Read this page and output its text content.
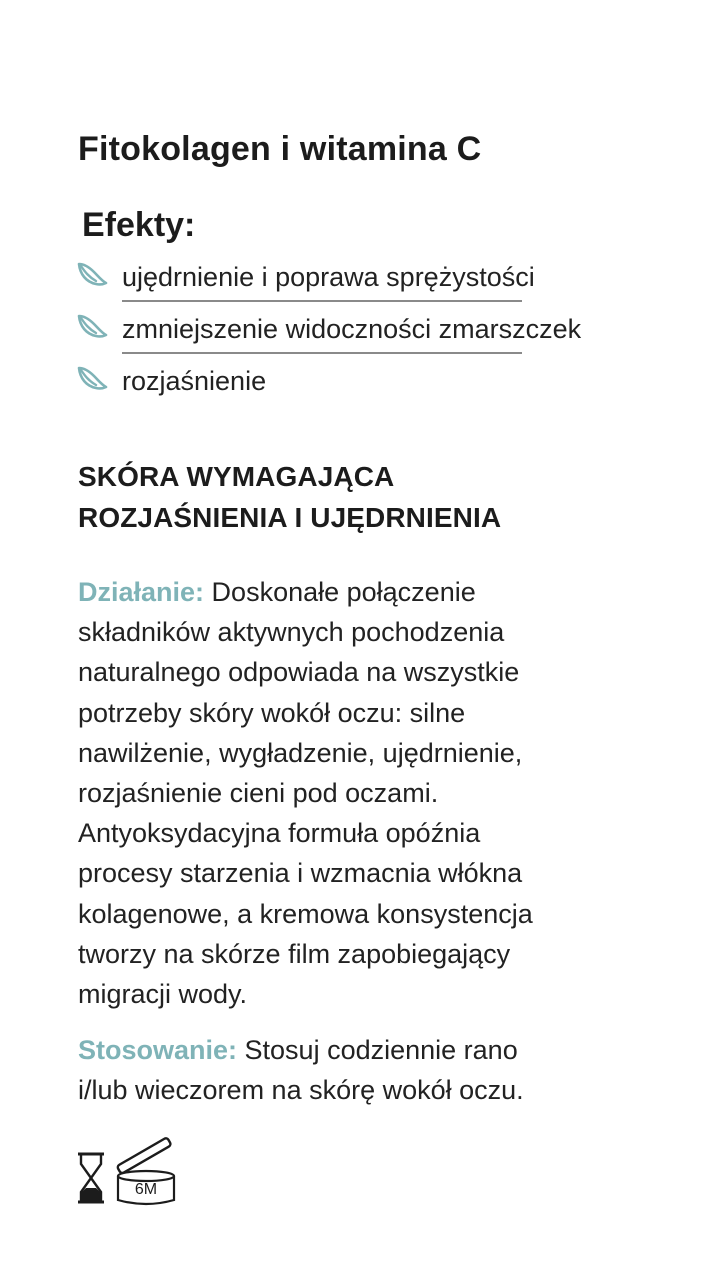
Fitokolagen i witamina C
Efekty:
ujędrnienie i poprawa sprężystości
zmniejszenie widoczności zmarszczek
rozjaśnienie
SKÓRA WYMAGAJĄCA
ROZJAŚNIENIA I UJĘDRNIENIA
Działanie: Doskonałe połączenie
składników aktywnych pochodzenia
naturalnego odpowiada na wszystkie
potrzeby skóry wokół oczu: silne
nawilżenie, wygładzenie, ujędrnienie,
rozjaśnienie cieni pod oczami.
Antyoksydacyjna formuła opóźnia
procesy starzenia i wzmacnia włókna
kolagenowe, a kremowa konsystencja
tworzy na skórze film zapobiegający
migracji wody.
Stosowanie: Stosuj codziennie rano
i/lub wieczorem na skórę wokół oczu.
6M
